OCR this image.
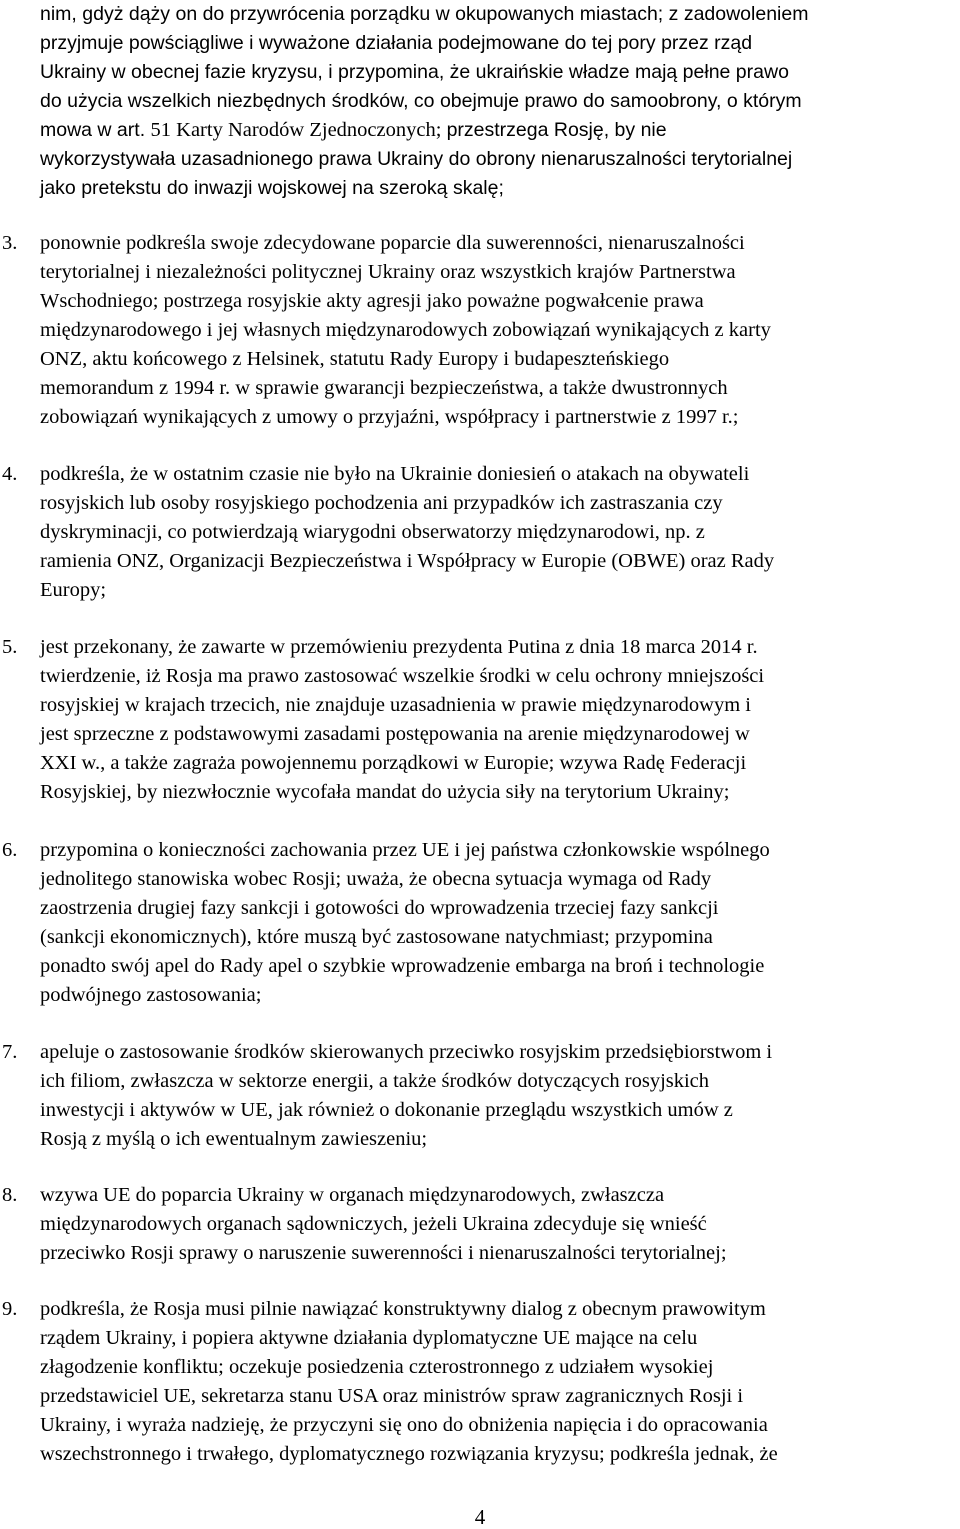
nim, gdyż dąży on do przywrócenia porządku w okupowanych miastach; z zadowoleniem
przyjmuje powściągliwe i wyważone działania podejmowane do tej pory przez rząd
Ukrainy w obecnej fazie kryzysu, i przypomina, że ukraińskie władze mają pełne prawo
do użycia wszelkich niezbędnych środków, co obejmuje prawo do samoobrony, o którym
mowa w art. 51 Karty Narodów Zjednoczonych; przestrzega Rosję, by nie
wykorzystywała uzasadnionego prawa Ukrainy do obrony nienaruszalności terytorialnej
jako pretekstu do inwazji wojskowej na szeroką skalę;

3.	ponownie podkreśla swoje zdecydowane poparcie dla suwerenności, nienaruszalności
terytorialnej i niezależności politycznej Ukrainy oraz wszystkich krajów Partnerstwa
Wschodniego; postrzega rosyjskie akty agresji jako poważne pogwałcenie prawa
międzynarodowego i jej własnych międzynarodowych zobowiązań wynikających z karty
ONZ, aktu końcowego z Helsinek, statutu Rady Europy i budapeszteńskiego
memorandum z 1994 r. w sprawie gwarancji bezpieczeństwa, a także dwustronnych
zobowiązań wynikających z umowy o przyjaźni, współpracy i partnerstwie z 1997 r.;
4.	podkreśla, że w ostatnim czasie nie było na Ukrainie doniesień o atakach na obywateli
rosyjskich lub osoby rosyjskiego pochodzenia ani przypadków ich zastraszania czy
dyskryminacji, co potwierdzają wiarygodni obserwatorzy międzynarodowi, np. z
ramienia ONZ, Organizacji Bezpieczeństwa i Współpracy w Europie (OBWE) oraz Rady
Europy;
5.	jest przekonany, że zawarte w przemówieniu prezydenta Putina z dnia 18 marca 2014 r.
twierdzenie, iż Rosja ma prawo zastosować wszelkie środki w celu ochrony mniejszości
rosyjskiej w krajach trzecich, nie znajduje uzasadnienia w prawie międzynarodowym i
jest sprzeczne z podstawowymi zasadami postępowania na arenie międzynarodowej w
XXI w., a także zagraża powojennemu porządkowi w Europie; wzywa Radę Federacji
Rosyjskiej, by niezwłocznie wycofała mandat do użycia siły na terytorium Ukrainy;
6.	przypomina o konieczności zachowania przez UE i jej państwa członkowskie wspólnego
jednolitego stanowiska wobec Rosji; uważa, że obecna sytuacja wymaga od Rady
zaostrzenia drugiej fazy sankcji i gotowości do wprowadzenia trzeciej fazy sankcji
(sankcji ekonomicznych), które muszą być zastosowane natychmiast; przypomina
ponadto swój apel do Rady apel o szybkie wprowadzenie embarga na broń i technologie
podwójnego zastosowania;
7.	apeluje o zastosowanie środków skierowanych przeciwko rosyjskim przedsiębiorstwom i
ich filiom, zwłaszcza w sektorze energii, a także środków dotyczących rosyjskich
inwestycji i aktywów w UE, jak również o dokonanie przeglądu wszystkich umów z
Rosją z myślą o ich ewentualnym zawieszeniu;
8.	wzywa UE do poparcia Ukrainy w organach międzynarodowych, zwłaszcza
międzynarodowych organach sądowniczych, jeżeli Ukraina zdecyduje się wnieść
przeciwko Rosji sprawy o naruszenie suwerenności i nienaruszalności terytorialnej;
9.	podkreśla, że Rosja musi pilnie nawiązać konstruktywny dialog z obecnym prawowitym
rządem Ukrainy, i popiera aktywne działania dyplomatyczne UE mające na celu
złagodzenie konfliktu; oczekuje posiedzenia czterostronnego z udziałem wysokiej
przedstawiciel UE, sekretarza stanu USA oraz ministrów spraw zagranicznych Rosji i
Ukrainy, i wyraża nadzieję, że przyczyni się ono do obniżenia napięcia i do opracowania
wszechstronnego i trwałego, dyplomatycznego rozwiązania kryzysu; podkreśla jednak, że
4
